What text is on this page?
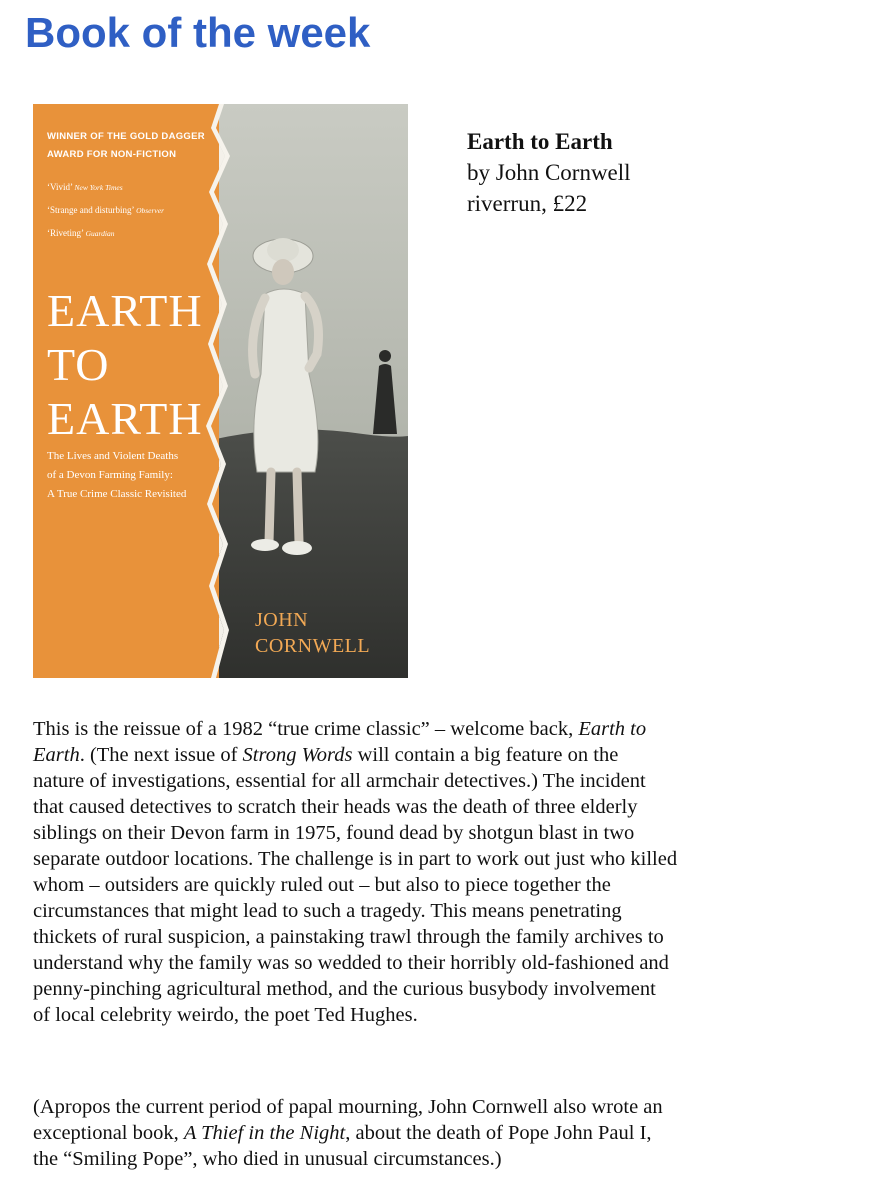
Book of the week
WINNER OF THE GOLD DAGGER
AWARD FOR NON-FICTION
‘Vivid’ New York Times
‘Strange and disturbing’ Observer
‘Riveting’ Guardian
EARTH
TO
EARTH
The Lives and Violent Deaths
of a Devon Farming Family:
A True Crime Classic Revisited
JOHN
CORNWELL
Earth to Earth
by John Cornwell
riverrun, £22
This is the reissue of a 1982 “true crime classic” – welcome back, Earth to
Earth. (The next issue of Strong Words will contain a big feature on the
nature of investigations, essential for all armchair detectives.) The incident
that caused detectives to scratch their heads was the death of three elderly
siblings on their Devon farm in 1975, found dead by shotgun blast in two
separate outdoor locations. The challenge is in part to work out just who killed
whom – outsiders are quickly ruled out – but also to piece together the
circumstances that might lead to such a tragedy. This means penetrating
thickets of rural suspicion, a painstaking trawl through the family archives to
understand why the family was so wedded to their horribly old-fashioned and
penny-pinching agricultural method, and the curious busybody involvement
of local celebrity weirdo, the poet Ted Hughes.
(Apropos the current period of papal mourning, John Cornwell also wrote an
exceptional book, A Thief in the Night, about the death of Pope John Paul I,
the “Smiling Pope”, who died in unusual circumstances.)
